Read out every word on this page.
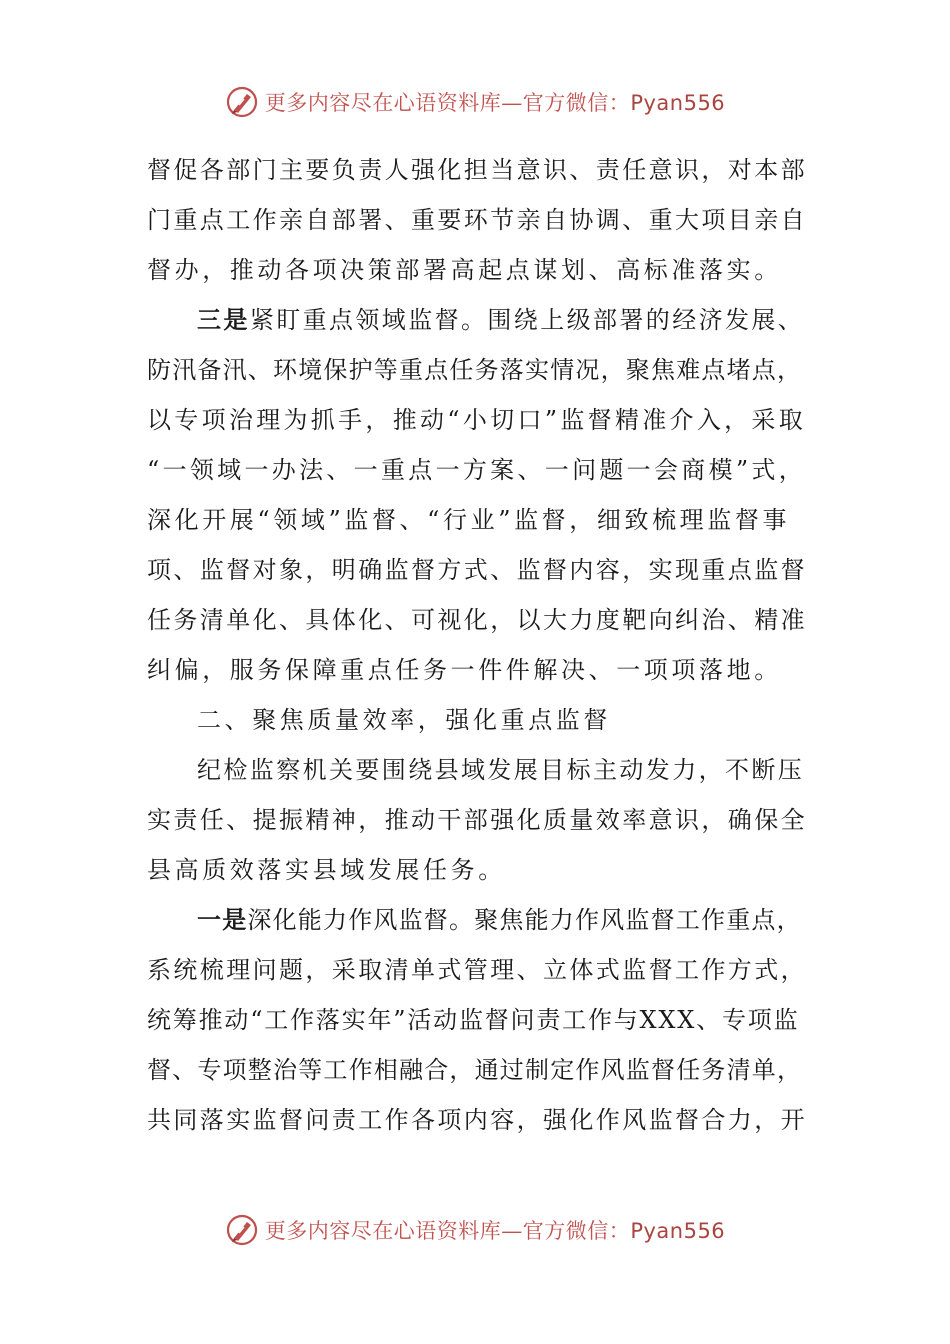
更多内容尽在心语资料库—官方微信：Pyan556
督促各部门主要负责人强化担当意识、责任意识，对本部
门重点工作亲自部署、重要环节亲自协调、重大项目亲自
督办，推动各项决策部署高起点谋划、高标准落实。
三是紧盯重点领域监督。围绕上级部署的经济发展、
防汛备汛、环境保护等重点任务落实情况，聚焦难点堵点，
以专项治理为抓手，推动“小切口”监督精准介入，采取
“一领域一办法、一重点一方案、一问题一会商模”式，
深化开展“领域”监督、“行业”监督，细致梳理监督事
项、监督对象，明确监督方式、监督内容，实现重点监督
任务清单化、具体化、可视化，以大力度靶向纠治、精准
纠偏，服务保障重点任务一件件解决、一项项落地。
二、聚焦质量效率，强化重点监督
纪检监察机关要围绕县域发展目标主动发力，不断压
实责任、提振精神，推动干部强化质量效率意识，确保全
县高质效落实县域发展任务。
一是深化能力作风监督。聚焦能力作风监督工作重点，
系统梳理问题，采取清单式管理、立体式监督工作方式，
统筹推动“工作落实年”活动监督问责工作与XXX、专项监
督、专项整治等工作相融合，通过制定作风监督任务清单，
共同落实监督问责工作各项内容，强化作风监督合力，开
更多内容尽在心语资料库—官方微信：Pyan556
